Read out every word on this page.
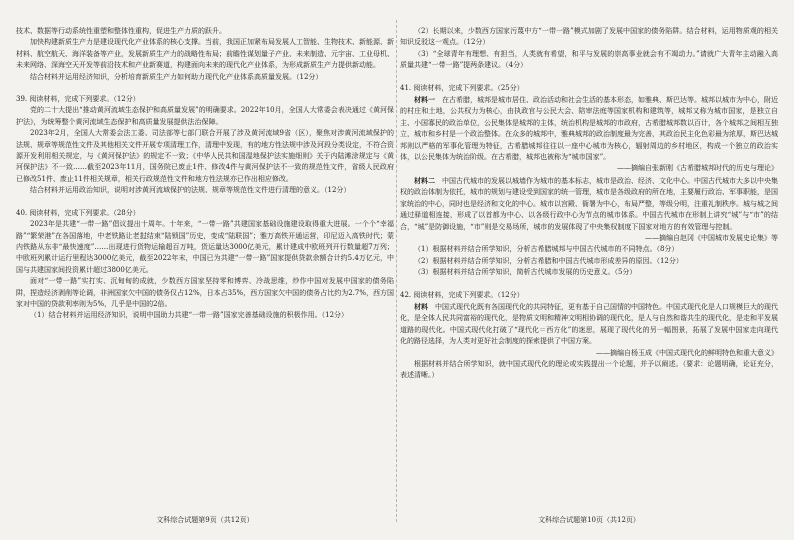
技术、数据等行动系统性重塑和整体性重构，促进生产力质的跃升。

加快构建新质生产力是建设现代化产业体系的核心支撑。当前，我国正加紧布局发展人工智能、生物技术、新能源、新材料、航空航天、海洋装备等产业，发展新质生产力的战略性布局；前瞻性谋划量子产业、未来制造、元宇宙、工业母机、未来网络、深海空天开发等前沿技术和产业新赛道，构建面向未来的现代化产业体系，为形成新质生产力提供新动能。

结合材料并运用经济知识，分析培育新质生产力如何助力现代化产业体系高质量发展。（12分）

39. 阅读材料，完成下列要求。（12分）

党的二十大提出“推动黄河流域生态保护和高质量发展”的明确要求。2022年10月，全国人大常委会表决通过《黄河保护法》，为统筹整个黄河流域生态保护和高质量发展提供法治保障。

2023年2月，全国人大常委会法工委、司法部等七部门联合开展了涉及黄河流域9省（区），聚焦对涉黄河流域保护的法规、规章等规范性文件及其他相关文件开展专项清理工作，清理中发现，有的地方性法规中涉及河段分类设定，不符合资源开发利用相关规定，与《黄河保护法》的规定不一致；《中华人民共和国湿地保护法实施细则》关于内陆滩涂规定与《黄河保护法》不一致……截至2023年11月，国务院已废止1件、修改4件与黄河保护法不一致的规范性文件，省级人民政府已修改51件、废止11件相关规章，相关行政规范性文件和地方性法规亦已作出相应修改。

结合材料并运用政治知识，说明对涉黄河流域保护的法规、规章等规范性文件进行清理的意义。（12分）

40. 阅读材料，完成下列要求。（28分）

2023年是共建“一带一路”倡议提出十周年。十年来，“一带一路”共建国家基础设施建设取得重大进展。一个个“幸福路”“繁荣港”在各国落地，中老铁路让老挝结束“陆锁国”历史，变成“陆联国”；雅万高铁开通运营，印尼迈入高铁时代；蒙内铁路从东非“最快速度”……出现进行货物运输超百万吨，货运量达3000亿美元，累计建成中欧班列开行数量超7万列；中欧班列累计运行里程达3000亿美元，截至2022年末，中国已为共建“一带一路”国家提供贷款余额合计约5.4万亿元，中国与共建国家间投资累计超过3800亿美元。

面对“一带一路”实打实、沉甸甸的成就，少数西方国家坚持零和博弈、冷战思维，炒作中国对发展中国家的债务陷阱，捏造经济剥削等论调，非洲国家欠中国的债务仅占12%，日本占35%，西方国家欠中国的债务占比约为2.7%，西方国家对中国的贷款利率则为5%，几乎是中国的2倍。

（1）结合材料并运用经济知识，说明中国助力共建“一带一路”国家完善基础设施的积极作用。（12分）

文科综合试题第9页（共12页）

（2）长期以来，少数西方国家污蔑中方“一带一路”模式加剧了发展中国家的债务陷阱。结合材料，运用物质观的相关知识反驳这一观点。（12分）

（3）“全球青年有理想、有担当，人类就有希望，和平与发展的崇高事业就会有不竭动力。”请就广大青年主动融入高质量共建“一带一路”提两条建议。（4分）

41. 阅读材料，完成下列要求。（25分）

材料一　 在古希腊，城邦是城市居住、政治活动和社会生活的基本形态，如雅典、斯巴达等。城邦以城市为中心，附近的村庄和土地，公共权力为核心，由执政官与公民大会、陪审法庭等国家机构和建筑等，城邦又称为城市国家，是独立自主、小国寡民的政治单位，公民集体是城邦的主体，统治机构是城邦的市政府，古希腊城邦数以百计，各个城邦之间相互独立，城市和乡村是一个政治整体。在众多的城邦中，雅典城邦的政治制度最为完善，其政治民主化色彩最为浓厚，斯巴达城邦则以严格的军事化管理为特征，古希腊城邦往往以一座中心城市为核心，辐射周边的乡村地区，构成一个独立的政治实体，以公民集体为统治阶级。在古希腊，城邦也被称为“城市国家”。

——摘编自张新刚《古希腊城邦时代的历史与理论》

材料二　 中国古代城市的发展以城墙作为城市的基本标志，城市是政治、经济、文化中心。中国古代城市大多以中央集权的政治体制为依托，城市的规划与建设受到国家的统一管理，城市是各级政府的所在地，主要履行政治、军事职能，是国家统治的中心，同时也是经济和文化的中心。城市以宫殿、衙署为中心，布局严整，等级分明，注重礼制秩序。城与城之间通过驿道相连接，形成了以首都为中心、以各级行政中心为节点的城市体系。中国古代城市在形制上讲究“城”与“市”的结合，“城”是防御设施，“市”则是交易场所，城市的发展体现了中央集权制度下国家对地方的有效管理与控制。

——摘编自赵冈《中国城市发展史论集》等

（1）根据材料并结合所学知识，分析古希腊城邦与中国古代城市的不同特点。（8分）

（2）根据材料并结合所学知识，分析古希腊和中国古代城市形成差异的原因。（12分）

（3）根据材料并结合所学知识，简析古代城市发展的历史意义。（5分）

42. 阅读材料，完成下列要求。（12分）

材料　 中国式现代化既有各国现代化的共同特征，更有基于自己国情的中国特色。中国式现代化是人口规模巨大的现代化，是全体人民共同富裕的现代化，是物质文明和精神文明相协调的现代化，是人与自然和谐共生的现代化，是走和平发展道路的现代化。中国式现代化打破了“现代化＝西方化”的迷思，展现了现代化的另一幅图景，拓展了发展中国家走向现代化的路径选择，为人类对更好社会制度的探索提供了中国方案。

——摘编自杨玉成《中国式现代化的鲜明特色和重大意义》

根据材料并结合所学知识，就中国式现代化的理论或实践提出一个论题，并予以阐述。（要求：论题明确，论证充分，表述清晰。）

文科综合试题第10页（共12页）
